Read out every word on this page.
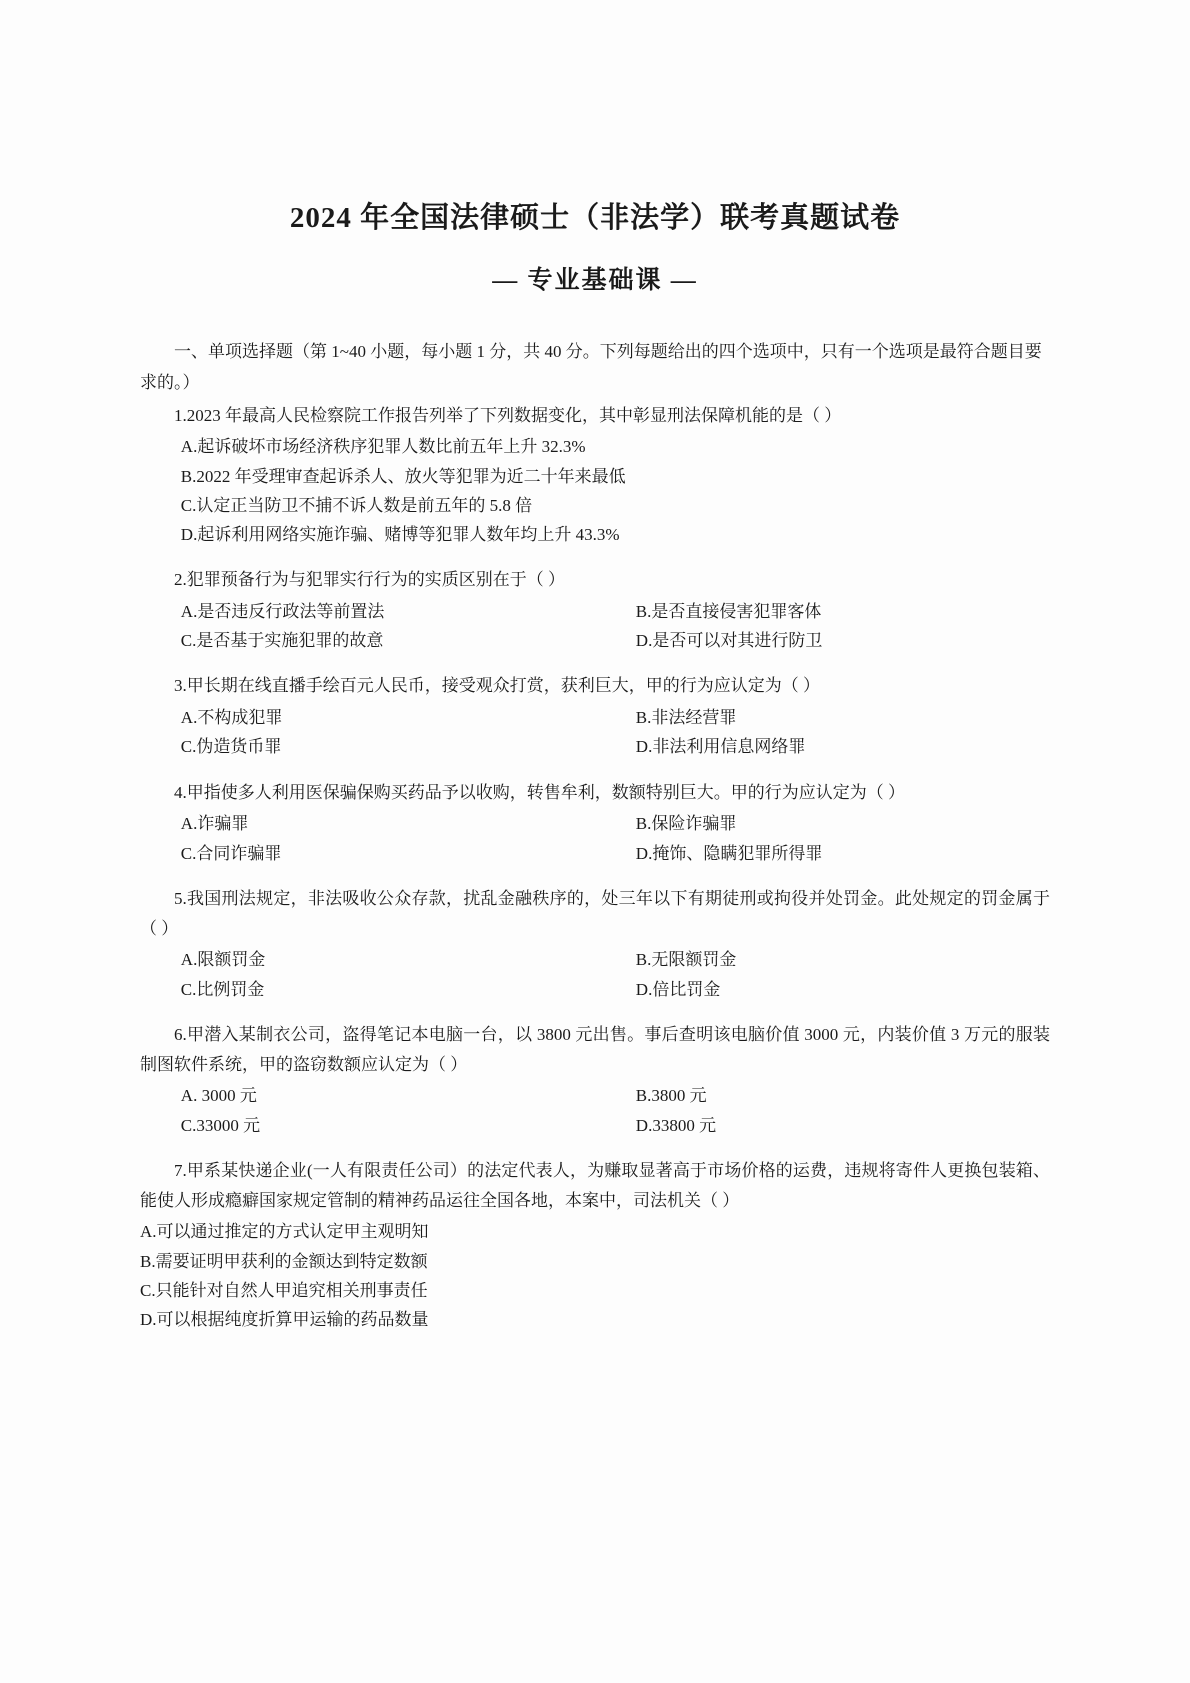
2024 年全国法律硕士（非法学）联考真题试卷
— 专业基础课 —

一、单项选择题（第 1~40 小题，每小题 1 分，共 40 分。下列每题给出的四个选项中，只有一个选项是最符合题目要求的。）

1.2023 年最高人民检察院工作报告列举了下列数据变化，其中彰显刑法保障机能的是（ ）

A.起诉破坏市场经济秩序犯罪人数比前五年上升 32.3%
B.2022 年受理审查起诉杀人、放火等犯罪为近二十年来最低
C.认定正当防卫不捕不诉人数是前五年的 5.8 倍
D.起诉利用网络实施诈骗、赌博等犯罪人数年均上升 43.3%

2.犯罪预备行为与犯罪实行行为的实质区别在于（ ）

A.是否违反行政法等前置法	B.是否直接侵害犯罪客体
C.是否基于实施犯罪的故意	D.是否可以对其进行防卫

3.甲长期在线直播手绘百元人民币，接受观众打赏，获利巨大，甲的行为应认定为（ ）

A.不构成犯罪	B.非法经营罪
C.伪造货币罪	D.非法利用信息网络罪

4.甲指使多人利用医保骗保购买药品予以收购，转售牟利，数额特别巨大。甲的行为应认定为（ ）

A.诈骗罪	B.保险诈骗罪
C.合同诈骗罪	D.掩饰、隐瞒犯罪所得罪

5.我国刑法规定，非法吸收公众存款，扰乱金融秩序的，处三年以下有期徒刑或拘役并处罚金。此处规定的罚金属于（ ）

A.限额罚金	B.无限额罚金
C.比例罚金	D.倍比罚金

6.甲潜入某制衣公司，盗得笔记本电脑一台，以 3800 元出售。事后查明该电脑价值 3000 元，内装价值 3 万元的服装制图软件系统，甲的盗窃数额应认定为（ ）

A. 3000 元	B.3800 元
C.33000 元	D.33800 元

7.甲系某快递企业(一人有限责任公司）的法定代表人，为赚取显著高于市场价格的运费，违规将寄件人更换包装箱、能使人形成瘾癖国家规定管制的精神药品运往全国各地，本案中，司法机关（ ）

A.可以通过推定的方式认定甲主观明知
B.需要证明甲获利的金额达到特定数额
C.只能针对自然人甲追究相关刑事责任
D.可以根据纯度折算甲运输的药品数量
